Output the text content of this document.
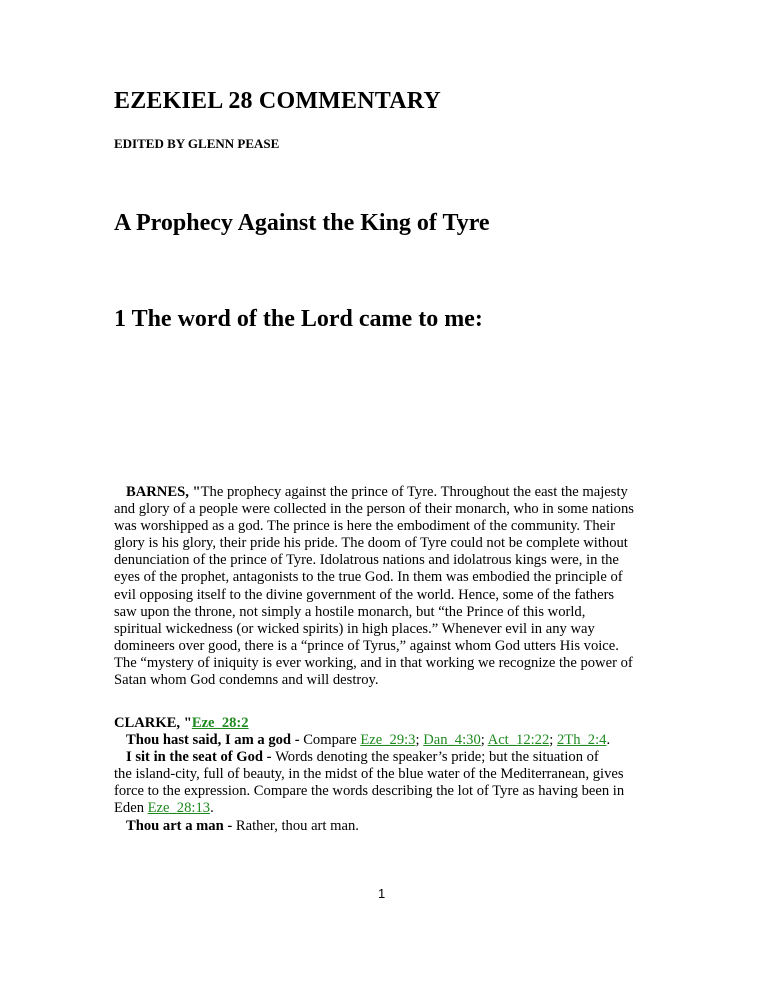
EZEKIEL 28 COMMENTARY
EDITED BY GLENN PEASE
A Prophecy Against the King of Tyre
1 The word of the Lord came to me:
BARNES, "The prophecy against the prince of Tyre. Throughout the east the majesty
and glory of a people were collected in the person of their monarch, who in some nations
was worshipped as a god. The prince is here the embodiment of the community. Their
glory is his glory, their pride his pride. The doom of Tyre could not be complete without
denunciation of the prince of Tyre. Idolatrous nations and idolatrous kings were, in the
eyes of the prophet, antagonists to the true God. In them was embodied the principle of
evil opposing itself to the divine government of the world. Hence, some of the fathers
saw upon the throne, not simply a hostile monarch, but “the Prince of this world,
spiritual wickedness (or wicked spirits) in high places.” Whenever evil in any way
domineers over good, there is a “prince of Tyrus,” against whom God utters His voice.
The “mystery of iniquity is ever working, and in that working we recognize the power of
Satan whom God condemns and will destroy.
CLARKE, "Eze_28:2
Thou hast said, I am a god - Compare Eze_29:3; Dan_4:30; Act_12:22; 2Th_2:4.
I sit in the seat of God - Words denoting the speaker’s pride; but the situation of
the island-city, full of beauty, in the midst of the blue water of the Mediterranean, gives
force to the expression. Compare the words describing the lot of Tyre as having been in
Eden Eze_28:13.
Thou art a man - Rather, thou art man.
1
